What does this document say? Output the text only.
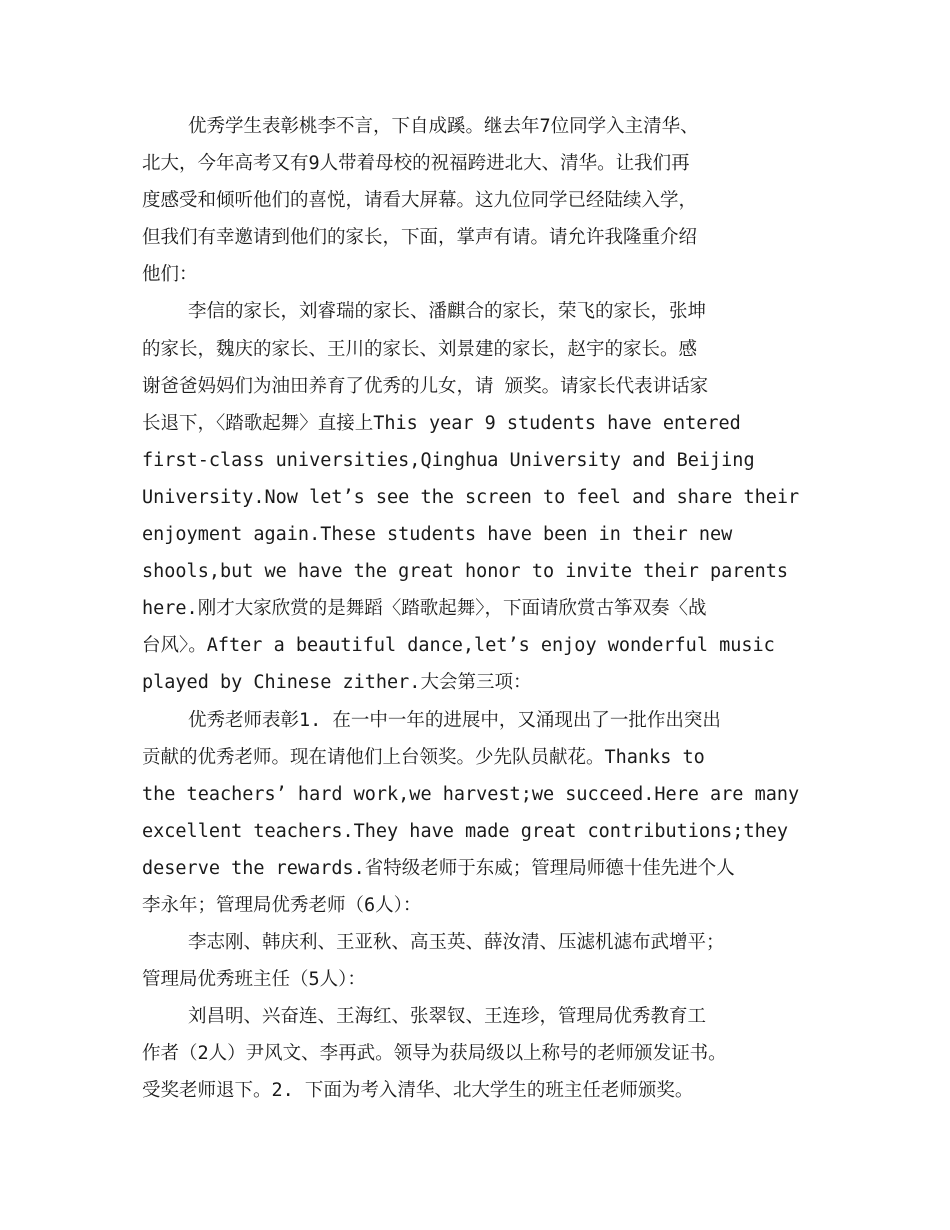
优秀学生表彰桃李不言，下自成蹊。继去年7位同学入主清华、
北大，今年高考又有9人带着母校的祝福跨进北大、清华。让我们再
度感受和倾听他们的喜悦，请看大屏幕。这九位同学已经陆续入学，
但我们有幸邀请到他们的家长，下面，掌声有请。请允许我隆重介绍
他们：
李信的家长，刘睿瑞的家长、潘麒合的家长，荣飞的家长，张坤
的家长，魏庆的家长、王川的家长、刘景建的家长，赵宇的家长。感
谢爸爸妈妈们为油田养育了优秀的儿女，请 颁奖。请家长代表讲话家
长退下，〈踏歌起舞〉直接上This year 9 students have entered
first-class universities,Qinghua University and Beijing
University.Now let’s see the screen to feel and share their
enjoyment again.These students have been in their new
shools,but we have the great honor to invite their parents
here.刚才大家欣赏的是舞蹈〈踏歌起舞〉，下面请欣赏古筝双奏〈战
台风〉。After a beautiful dance,let’s enjoy wonderful music
played by Chinese zither.大会第三项：
优秀老师表彰1. 在一中一年的进展中，又涌现出了一批作出突出
贡献的优秀老师。现在请他们上台领奖。少先队员献花。Thanks to
the teachers’ hard work,we harvest;we succeed.Here are many
excellent teachers.They have made great contributions;they
deserve the rewards.省特级老师于东威；管理局师德十佳先进个人
李永年；管理局优秀老师（6人）：
李志刚、韩庆利、王亚秋、高玉英、薛汝清、压滤机滤布武增平；
管理局优秀班主任（5人）：
刘昌明、兴奋连、王海红、张翠钗、王连珍，管理局优秀教育工
作者（2人）尹风文、李再武。领导为获局级以上称号的老师颁发证书。
受奖老师退下。2. 下面为考入清华、北大学生的班主任老师颁奖。
